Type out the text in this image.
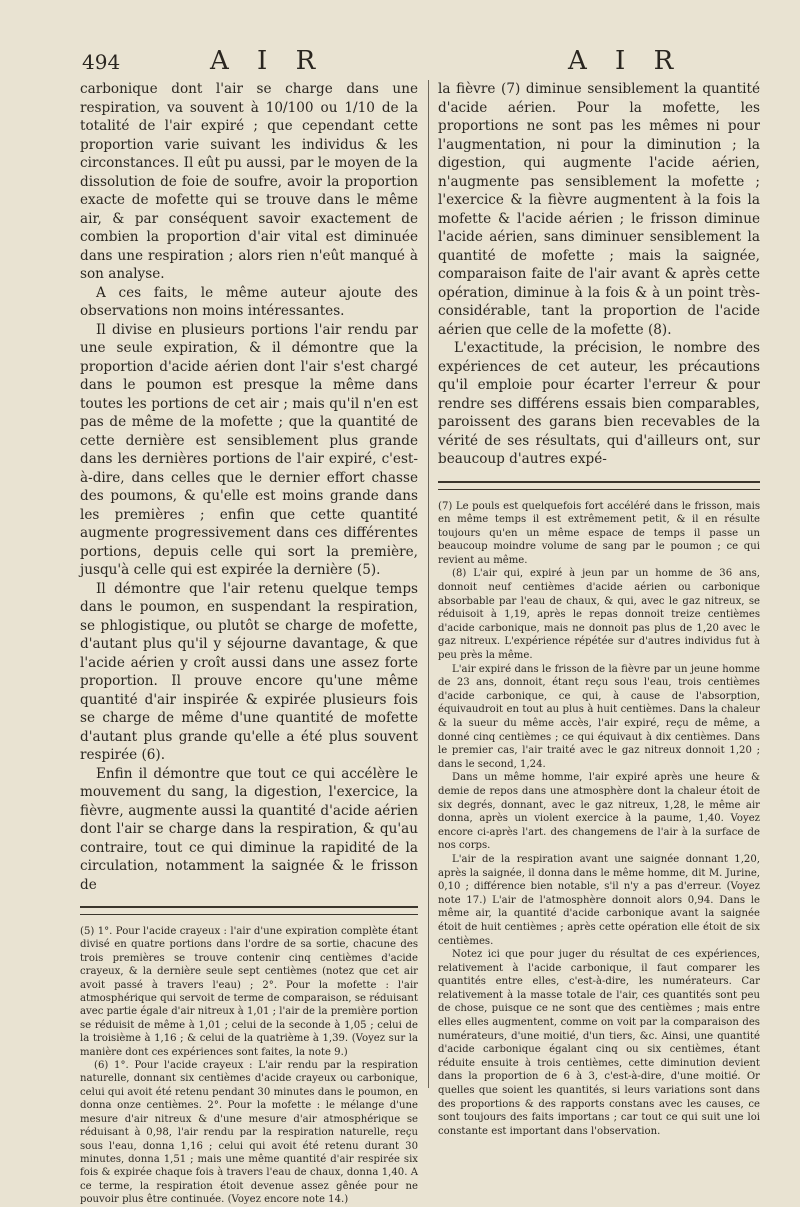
494	A I R	A I R

carbonique dont l'air se charge dans une respiration, va souvent à 10/100 ou 1/10 de la totalité de l'air expiré ; que cependant cette proportion varie suivant les individus & les circonstances. Il eût pu aussi, par le moyen de la dissolution de foie de soufre, avoir la proportion exacte de mofette qui se trouve dans le même air, & par conséquent savoir exactement de combien la proportion d'air vital est diminuée dans une respiration ; alors rien n'eût manqué à son analyse.

A ces faits, le même auteur ajoute des observations non moins intéressantes.

Il divise en plusieurs portions l'air rendu par une seule expiration, & il démontre que la proportion d'acide aérien dont l'air s'est chargé dans le poumon est presque la même dans toutes les portions de cet air ; mais qu'il n'en est pas de même de la mofette ; que la quantité de cette dernière est sensiblement plus grande dans les dernières portions de l'air expiré, c'est-à-dire, dans celles que le dernier effort chasse des poumons, & qu'elle est moins grande dans les premières ; enfin que cette quantité augmente progressivement dans ces différentes portions, depuis celle qui sort la première, jusqu'à celle qui est expirée la dernière (5).

Il démontre que l'air retenu quelque temps dans le poumon, en suspendant la respiration, se phlogistique, ou plutôt se charge de mofette, d'autant plus qu'il y séjourne davantage, & que l'acide aérien y croît aussi dans une assez forte proportion. Il prouve encore qu'une même quantité d'air inspirée & expirée plusieurs fois se charge de même d'une quantité de mofette d'autant plus grande qu'elle a été plus souvent respirée (6).

Enfin il démontre que tout ce qui accélère le mouvement du sang, la digestion, l'exercice, la fièvre, augmente aussi la quantité d'acide aérien dont l'air se charge dans la respiration, & qu'au contraire, tout ce qui diminue la rapidité de la circulation, notamment la saignée & le frisson de

(5) 1°. Pour l'acide crayeux : l'air d'une expiration complète étant divisé en quatre portions dans l'ordre de sa sortie, chacune des trois premières se trouve contenir cinq centièmes d'acide crayeux, & la dernière seule sept centièmes (notez que cet air avoit passé à travers l'eau) ; 2°. Pour la mofette : l'air atmosphérique qui servoit de terme de comparaison, se réduisant avec partie égale d'air nitreux à 1,01 ; l'air de la première portion se réduisit de même à 1,01 ; celui de la seconde à 1,05 ; celui de la troisième à 1,16 ; & celui de la quatrième à 1,39. (Voyez sur la manière dont ces expériences sont faites, la note 9.)

(6) 1°. Pour l'acide crayeux : L'air rendu par la respiration naturelle, donnant six centièmes d'acide crayeux ou carbonique, celui qui avoit été retenu pendant 30 minutes dans le poumon, en donna onze centièmes. 2°. Pour la mofette : le mélange d'une mesure d'air nitreux & d'une mesure d'air atmosphérique se réduisant à 0,98, l'air rendu par la respiration naturelle, reçu sous l'eau, donna 1,16 ; celui qui avoit été retenu durant 30 minutes, donna 1,51 ; mais une même quantité d'air respirée six fois & expirée chaque fois à travers l'eau de chaux, donna 1,40. A ce terme, la respiration étoit devenue assez gênée pour ne pouvoir plus être continuée. (Voyez encore note 14.)

la fièvre (7) diminue sensiblement la quantité d'acide aérien. Pour la mofette, les proportions ne sont pas les mêmes ni pour l'augmentation, ni pour la diminution ; la digestion, qui augmente l'acide aérien, n'augmente pas sensiblement la mofette ; l'exercice & la fièvre augmentent à la fois la mofette & l'acide aérien ; le frisson diminue l'acide aérien, sans diminuer sensiblement la quantité de mofette ; mais la saignée, comparaison faite de l'air avant & après cette opération, diminue à la fois & à un point très-considérable, tant la proportion de l'acide aérien que celle de la mofette (8).

L'exactitude, la précision, le nombre des expériences de cet auteur, les précautions qu'il emploie pour écarter l'erreur & pour rendre ses différens essais bien comparables, paroissent des garans bien recevables de la vérité de ses résultats, qui d'ailleurs ont, sur beaucoup d'autres expé-

(7) Le pouls est quelquefois fort accéléré dans le frisson, mais en même temps il est extrêmement petit, & il en résulte toujours qu'en un même espace de temps il passe un beaucoup moindre volume de sang par le poumon ; ce qui revient au même.

(8) L'air qui, expiré à jeun par un homme de 36 ans, donnoit neuf centièmes d'acide aérien ou carbonique absorbable par l'eau de chaux, & qui, avec le gaz nitreux, se réduisoit à 1,19, après le repas donnoit treize centièmes d'acide carbonique, mais ne donnoit pas plus de 1,20 avec le gaz nitreux. L'expérience répétée sur d'autres individus fut à peu près la même.

L'air expiré dans le frisson de la fièvre par un jeune homme de 23 ans, donnoit, étant reçu sous l'eau, trois centièmes d'acide carbonique, ce qui, à cause de l'absorption, équivaudroit en tout au plus à huit centièmes. Dans la chaleur & la sueur du même accès, l'air expiré, reçu de même, a donné cinq centièmes ; ce qui équivaut à dix centièmes. Dans le premier cas, l'air traité avec le gaz nitreux donnoit 1,20 ; dans le second, 1,24.

Dans un même homme, l'air expiré après une heure & demie de repos dans une atmosphère dont la chaleur étoit de six degrés, donnant, avec le gaz nitreux, 1,28, le même air donna, après un violent exercice à la paume, 1,40. Voyez encore ci-après l'art. des changemens de l'air à la surface de nos corps.

L'air de la respiration avant une saignée donnant 1,20, après la saignée, il donna dans le même homme, dit M. Jurine, 0,10 ; différence bien notable, s'il n'y a pas d'erreur. (Voyez note 17.) L'air de l'atmosphère donnoit alors 0,94. Dans le même air, la quantité d'acide carbonique avant la saignée étoit de huit centièmes ; après cette opération elle étoit de six centièmes.

Notez ici que pour juger du résultat de ces expériences, relativement à l'acide carbonique, il faut comparer les quantités entre elles, c'est-à-dire, les numérateurs. Car relativement à la masse totale de l'air, ces quantités sont peu de chose, puisque ce ne sont que des centièmes ; mais entre elles elles augmentent, comme on voit par la comparaison des numérateurs, d'une moitié, d'un tiers, &c. Ainsi, une quantité d'acide carbonique égalant cinq ou six centièmes, étant réduite ensuite à trois centièmes, cette diminution devient dans la proportion de 6 à 3, c'est-à-dire, d'une moitié. Or quelles que soient les quantités, si leurs variations sont dans des proportions & des rapports constans avec les causes, ce sont toujours des faits importans ; car tout ce qui suit une loi constante est important dans l'observation.
